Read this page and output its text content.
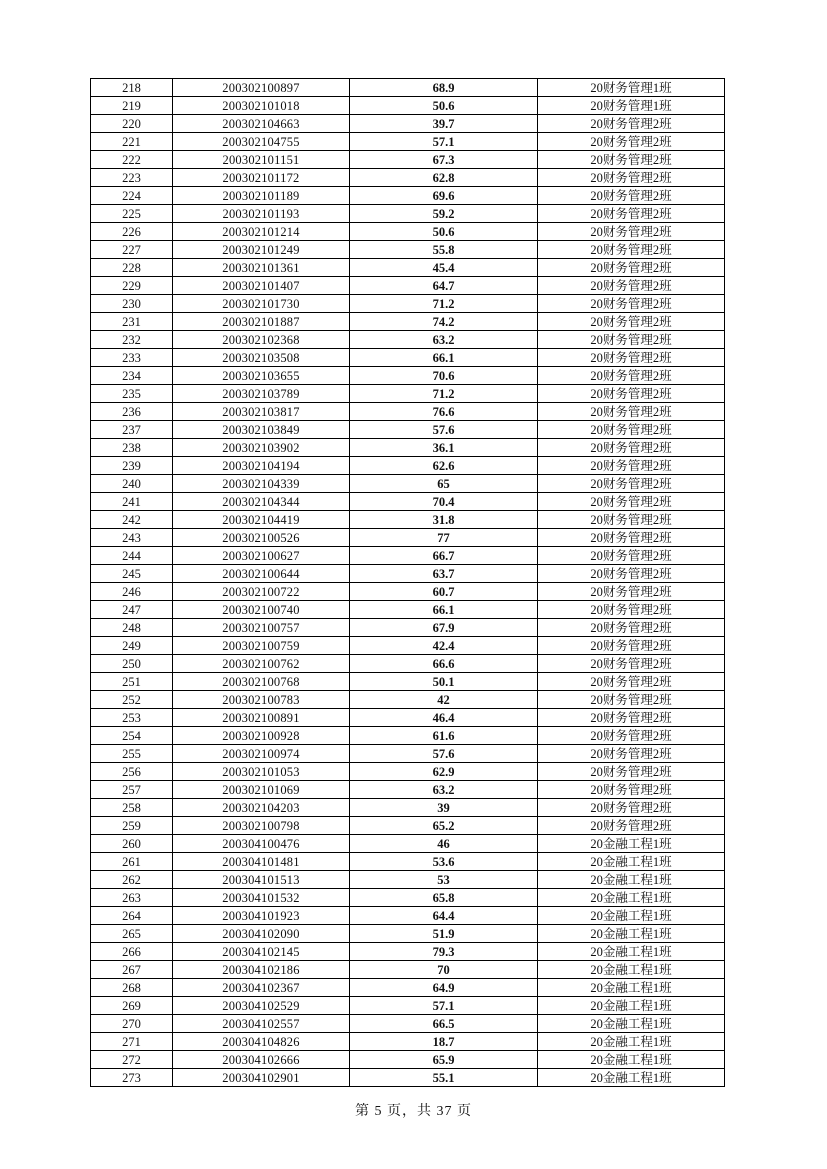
218	200302100897	68.9	20财务管理1班
219	200302101018	50.6	20财务管理1班
220	200302104663	39.7	20财务管理2班
221	200302104755	57.1	20财务管理2班
222	200302101151	67.3	20财务管理2班
223	200302101172	62.8	20财务管理2班
224	200302101189	69.6	20财务管理2班
225	200302101193	59.2	20财务管理2班
226	200302101214	50.6	20财务管理2班
227	200302101249	55.8	20财务管理2班
228	200302101361	45.4	20财务管理2班
229	200302101407	64.7	20财务管理2班
230	200302101730	71.2	20财务管理2班
231	200302101887	74.2	20财务管理2班
232	200302102368	63.2	20财务管理2班
233	200302103508	66.1	20财务管理2班
234	200302103655	70.6	20财务管理2班
235	200302103789	71.2	20财务管理2班
236	200302103817	76.6	20财务管理2班
237	200302103849	57.6	20财务管理2班
238	200302103902	36.1	20财务管理2班
239	200302104194	62.6	20财务管理2班
240	200302104339	65	20财务管理2班
241	200302104344	70.4	20财务管理2班
242	200302104419	31.8	20财务管理2班
243	200302100526	77	20财务管理2班
244	200302100627	66.7	20财务管理2班
245	200302100644	63.7	20财务管理2班
246	200302100722	60.7	20财务管理2班
247	200302100740	66.1	20财务管理2班
248	200302100757	67.9	20财务管理2班
249	200302100759	42.4	20财务管理2班
250	200302100762	66.6	20财务管理2班
251	200302100768	50.1	20财务管理2班
252	200302100783	42	20财务管理2班
253	200302100891	46.4	20财务管理2班
254	200302100928	61.6	20财务管理2班
255	200302100974	57.6	20财务管理2班
256	200302101053	62.9	20财务管理2班
257	200302101069	63.2	20财务管理2班
258	200302104203	39	20财务管理2班
259	200302100798	65.2	20财务管理2班
260	200304100476	46	20金融工程1班
261	200304101481	53.6	20金融工程1班
262	200304101513	53	20金融工程1班
263	200304101532	65.8	20金融工程1班
264	200304101923	64.4	20金融工程1班
265	200304102090	51.9	20金融工程1班
266	200304102145	79.3	20金融工程1班
267	200304102186	70	20金融工程1班
268	200304102367	64.9	20金融工程1班
269	200304102529	57.1	20金融工程1班
270	200304102557	66.5	20金融工程1班
271	200304104826	18.7	20金融工程1班
272	200304102666	65.9	20金融工程1班
273	200304102901	55.1	20金融工程1班
第 5 页，共 37 页
